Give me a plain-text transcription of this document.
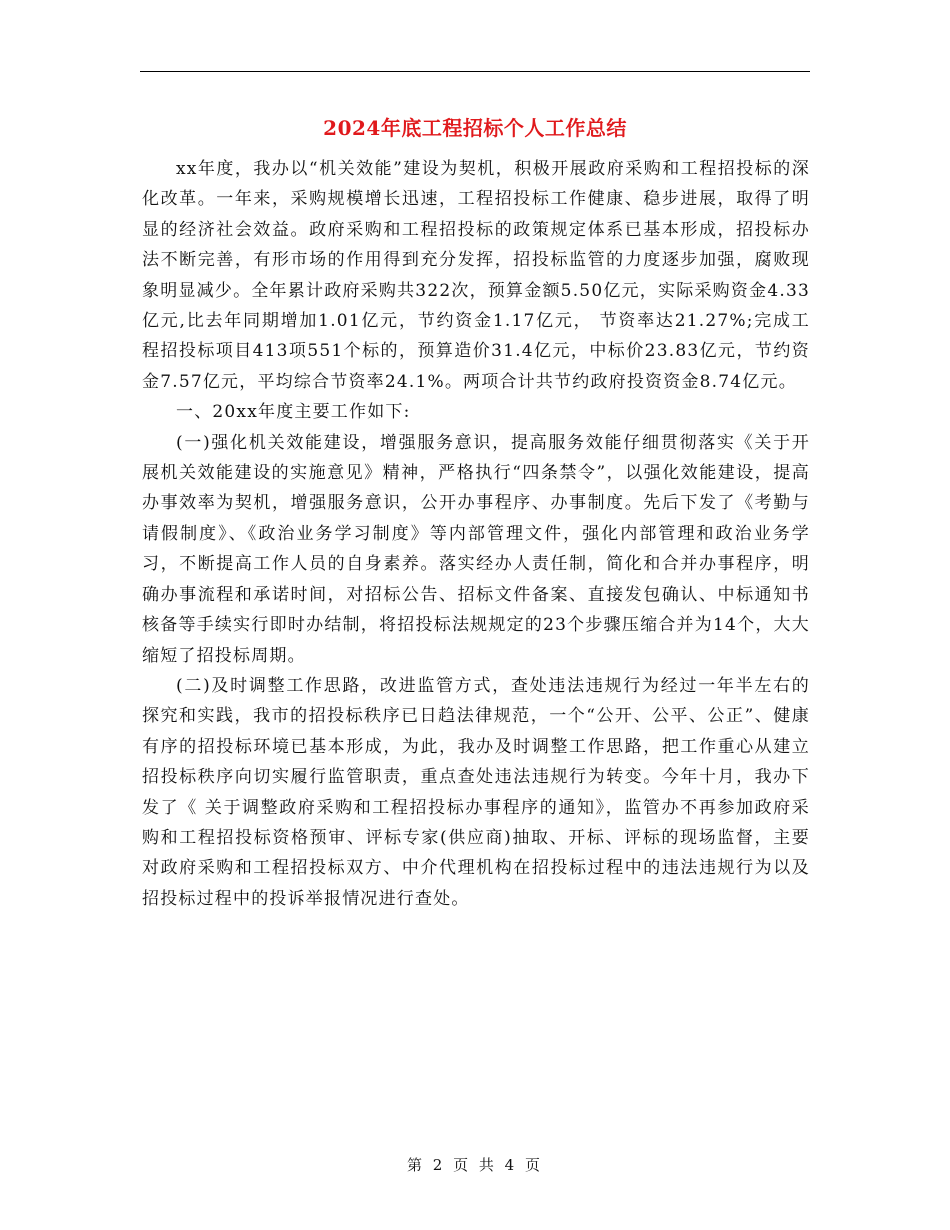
2024年底工程招标个人工作总结

xx年度，我办以“机关效能”建设为契机，积极开展政府采购和工程招投标的深化改革。一年来，采购规模增长迅速，工程招投标工作健康、稳步进展，取得了明显的经济社会效益。政府采购和工程招投标的政策规定体系已基本形成，招投标办法不断完善，有形市场的作用得到充分发挥，招投标监管的力度逐步加强，腐败现象明显减少。全年累计政府采购共322次，预算金额5.50亿元，实际采购资金4.33亿元,比去年同期增加1.01亿元，节约资金1.17亿元， 节资率达21.27%;完成工程招投标项目413项551个标的，预算造价31.4亿元，中标价23.83亿元，节约资金7.57亿元，平均综合节资率24.1%。两项合计共节约政府投资资金8.74亿元。

一、20xx年度主要工作如下:

(一)强化机关效能建设，增强服务意识，提高服务效能仔细贯彻落实《关于开展机关效能建设的实施意见》精神，严格执行“四条禁令”，以强化效能建设，提高办事效率为契机，增强服务意识，公开办事程序、办事制度。先后下发了《考勤与请假制度》、《政治业务学习制度》等内部管理文件，强化内部管理和政治业务学习，不断提高工作人员的自身素养。落实经办人责任制，简化和合并办事程序，明确办事流程和承诺时间，对招标公告、招标文件备案、直接发包确认、中标通知书核备等手续实行即时办结制，将招投标法规规定的23个步骤压缩合并为14个，大大缩短了招投标周期。

(二)及时调整工作思路，改进监管方式，查处违法违规行为经过一年半左右的探究和实践，我市的招投标秩序已日趋法律规范，一个“公开、公平、公正”、健康有序的招投标环境已基本形成，为此，我办及时调整工作思路，把工作重心从建立招投标秩序向切实履行监管职责，重点查处违法违规行为转变。今年十月，我办下发了《 关于调整政府采购和工程招投标办事程序的通知》，监管办不再参加政府采购和工程招投标资格预审、评标专家(供应商)抽取、开标、评标的现场监督，主要对政府采购和工程招投标双方、中介代理机构在招投标过程中的违法违规行为以及招投标过程中的投诉举报情况进行查处。

第 2 页 共 4 页
